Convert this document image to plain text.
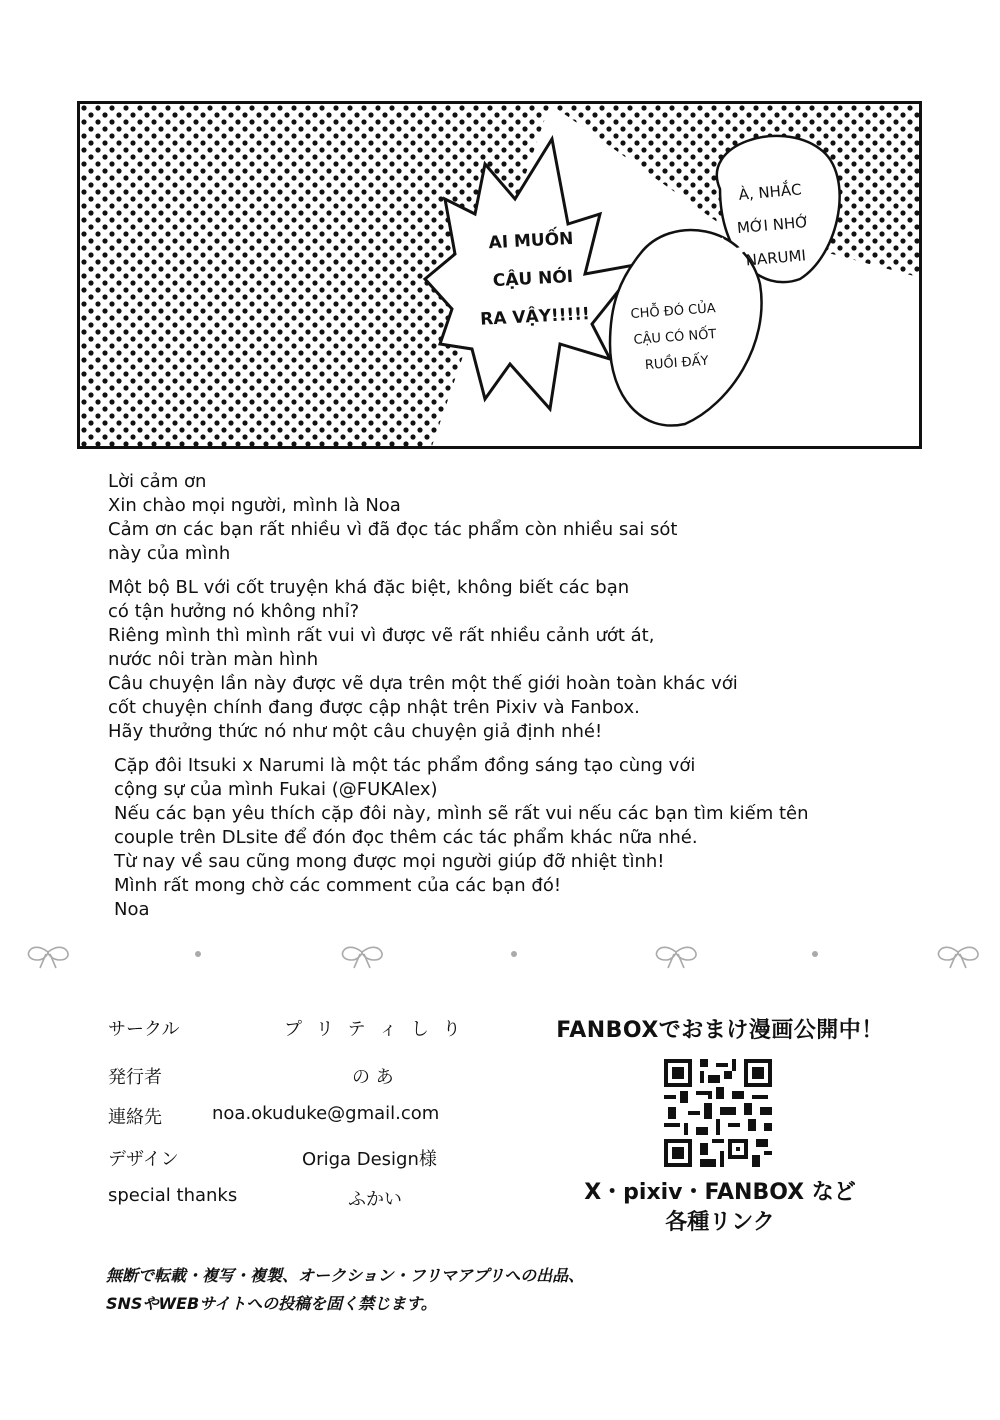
AI MUỐN
CẬU NÓI
RA VẬY!!!!!
À, NHẮC
MỚI NHỚ
NARUMI
CHỖ ĐÓ CỦA
CẬU CÓ NỐT
RUỒI ĐẤY
Lời cảm ơn
Xin chào mọi người, mình là Noa
Cảm ơn các bạn rất nhiều vì đã đọc tác phẩm còn nhiều sai sót
này của mình
Một bộ BL với cốt truyện khá đặc biệt, không biết các bạn
có tận hưởng nó không nhỉ?
Riêng mình thì mình rất vui vì được vẽ rất nhiều cảnh ướt át,
nước nôi tràn màn hình
Câu chuyện lần này được vẽ dựa trên một thế giới hoàn toàn khác với
cốt chuyện chính đang được cập nhật trên Pixiv và Fanbox.
Hãy thưởng thức nó như một câu chuyện giả định nhé!
Cặp đôi Itsuki x Narumi là một tác phẩm đồng sáng tạo cùng với
cộng sự của mình Fukai (@FUKAlex)
Nếu các bạn yêu thích cặp đôi này, mình sẽ rất vui nếu các bạn tìm kiếm tên
couple trên DLsite để đón đọc thêm các tác phẩm khác nữa nhé.
Từ nay về sau cũng mong được mọi người giúp đỡ nhiệt tình!
Mình rất mong chờ các comment của các bạn đó!
Noa
サークル	プ リ テ ィ し り
発行者	の あ
連絡先	noa.okuduke@gmail.com
デザイン	Origa Design様
special thanks	ふかい
FANBOXでおまけ漫画公開中！
X・pixiv・FANBOX など
各種リンク
無断で転載・複写・複製、オークション・フリマアプリへの出品、
SNSやWEBサイトへの投稿を固く禁じます。
